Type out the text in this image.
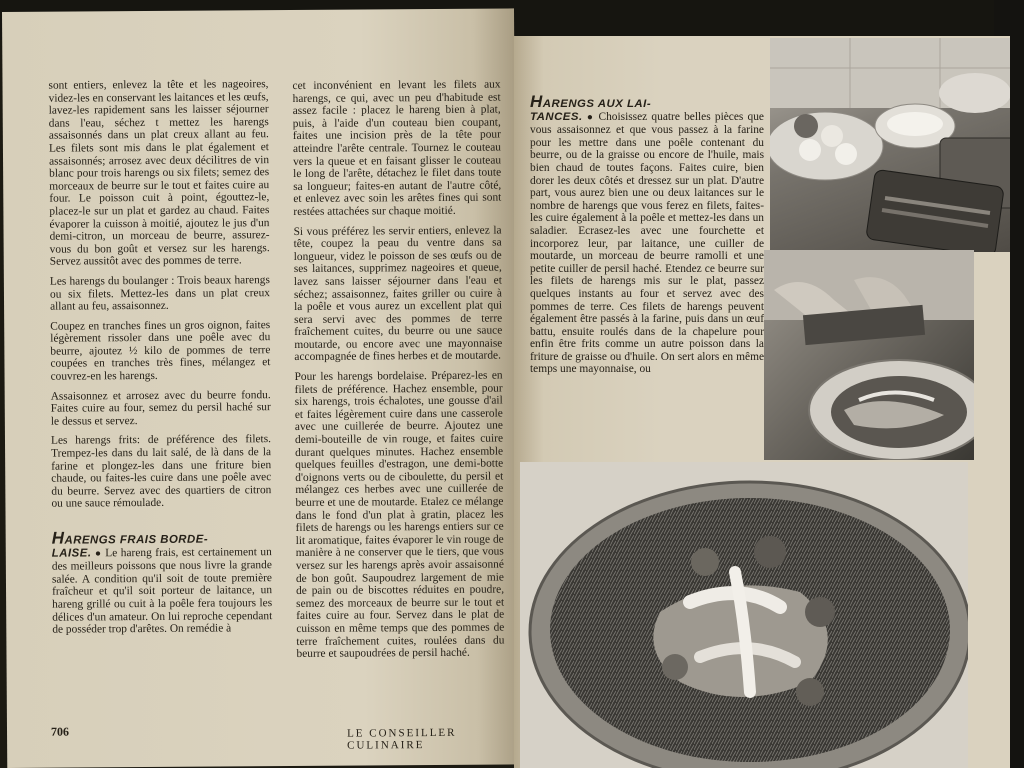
sont entiers, enlevez la tête et les nageoires, videz-les en conservant les laitances et les œufs, lavez-les rapidement sans les laisser séjourner dans l'eau, séchez t mettez les harengs assaisonnés dans un plat creux allant au feu. Les filets sont mis dans le plat également et assaisonnés; arrosez avec deux décilitres de vin blanc pour trois harengs ou six filets; semez des morceaux de beurre sur le tout et faites cuire au four. Le poisson cuit à point, égouttez-le, placez-le sur un plat et gardez au chaud. Faites évaporer la cuisson à moitié, ajoutez le jus d'un demi-citron, un morceau de beurre, assurez-vous du bon goût et versez sur les harengs. Servez aussitôt avec des pommes de terre.

Les harengs du boulanger : Trois beaux harengs ou six filets. Mettez-les dans un plat creux allant au feu, assaisonnez.

Coupez en tranches fines un gros oignon, faites légèrement rissoler dans une poêle avec du beurre, ajoutez ½ kilo de pommes de terre coupées en tranches très fines, mélangez et couvrez-en les harengs.

Assaisonnez et arrosez avec du beurre fondu. Faites cuire au four, semez du persil haché sur le dessus et servez.

Les harengs frits: de préférence des filets. Trempez-les dans du lait salé, de là dans de la farine et plongez-les dans une friture bien chaude, ou faites-les cuire dans une poêle avec du beurre. Servez avec des quartiers de citron ou une sauce rémoulade.

HARENGS FRAIS BORDE-
LAISE. ● Le hareng frais, est certainement un des meilleurs poissons que nous livre la grande salée. A condition qu'il soit de toute première fraîcheur et qu'il soit porteur de laitance, un hareng grillé ou cuit à la poêle fera toujours les délices d'un amateur. On lui reproche cependant de posséder trop d'arêtes. On remédie à

cet inconvénient en levant les filets aux harengs, ce qui, avec un peu d'habitude est assez facile : placez le hareng bien à plat, puis, à l'aide d'un couteau bien coupant, faites une incision près de la tête pour atteindre l'arête centrale. Tournez le couteau vers la queue et en faisant glisser le couteau le long de l'arête, détachez le filet dans toute sa longueur; faites-en autant de l'autre côté, et enlevez avec soin les arêtes fines qui sont restées attachées sur chaque moitié.

Si vous préférez les servir entiers, enlevez la tête, coupez la peau du ventre dans sa longueur, videz le poisson de ses œufs ou de ses laitances, supprimez nageoires et queue, lavez sans laisser séjourner dans l'eau et séchez; assaisonnez, faites griller ou cuire à la poêle et vous aurez un excellent plat qui sera servi avec des pommes de terre fraîchement cuites, du beurre ou une sauce moutarde, ou encore avec une mayonnaise accompagnée de fines herbes et de moutarde.

Pour les harengs bordelaise. Préparez-les en filets de préférence. Hachez ensemble, pour six harengs, trois échalotes, une gousse d'ail et faites légèrement cuire dans une casserole avec une cuillerée de beurre. Ajoutez une demi-bouteille de vin rouge, et faites cuire durant quelques minutes. Hachez ensemble quelques feuilles d'estragon, une demi-botte d'oignons verts ou de ciboulette, du persil et mélangez ces herbes avec une cuillerée de beurre et une de moutarde. Etalez ce mélange dans le fond d'un plat à gratin, placez les filets de harengs ou les harengs entiers sur ce lit aromatique, faites évaporer le vin rouge de manière à ne conserver que le tiers, que vous versez sur les harengs après avoir assaisonné de bon goût. Saupoudrez largement de mie de pain ou de biscottes réduites en poudre, semez des morceaux de beurre sur le tout et faites cuire au four. Servez dans le plat de cuisson en même temps que des pommes de terre fraîchement cuites, roulées dans du beurre et saupoudrées de persil haché.

706	LE CONSEILLER CULINAIRE

HARENGS AUX LAI-
TANCES. ● Choisissez quatre belles pièces que vous assaisonnez et que vous passez à la farine pour les mettre dans une poêle contenant du beurre, ou de la graisse ou encore de l'huile, mais bien chaud de toutes façons. Faites cuire, bien dorer les deux côtés et dressez sur un plat. D'autre part, vous aurez bien une ou deux laitances sur le nombre de harengs que vous ferez en filets, faites-les cuire également à la poêle et mettez-les dans un saladier. Ecrasez-les avec une fourchette et incorporez leur, par laitance, une cuiller de moutarde, un morceau de beurre ramolli et une petite cuiller de persil haché. Etendez ce beurre sur les filets de harengs mis sur le plat, passez quelques instants au four et servez avec des pommes de terre. Ces filets de harengs peuvent également être passés à la farine, puis dans un œuf battu, ensuite roulés dans de la chapelure pour enfin être frits comme un autre poisson dans la friture de graisse ou d'huile. On sert alors en même temps une mayonnaise, ou
